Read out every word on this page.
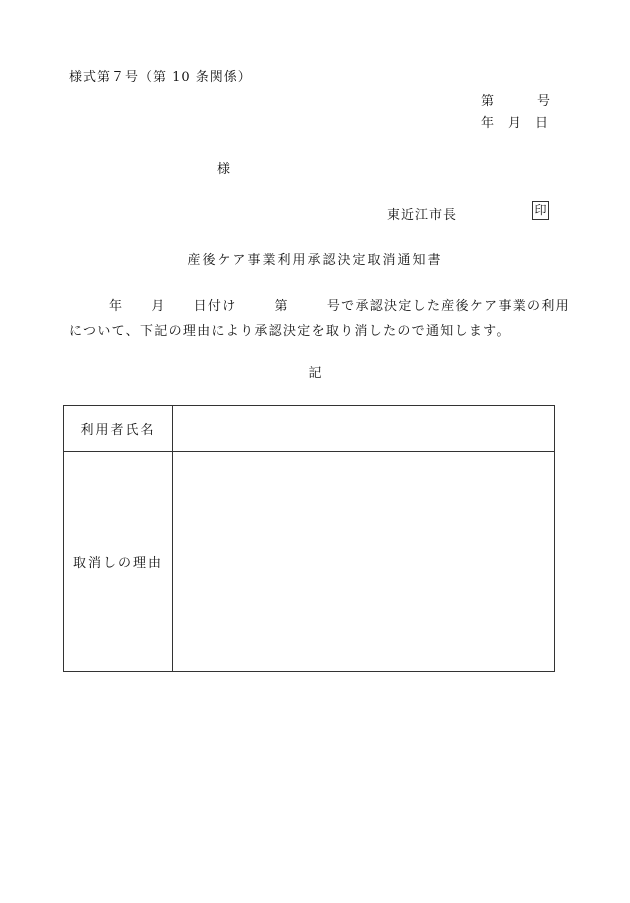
様式第７号（第 10 条関係）
第	号
年 月 日
様
東近江市長	印
産後ケア事業利用承認決定取消通知書
年 月 日付け	第	号で承認決定した産後ケア事業の利用
について、下記の理由により承認決定を取り消したので通知します。
記
利用者氏名	
取消しの理由	
